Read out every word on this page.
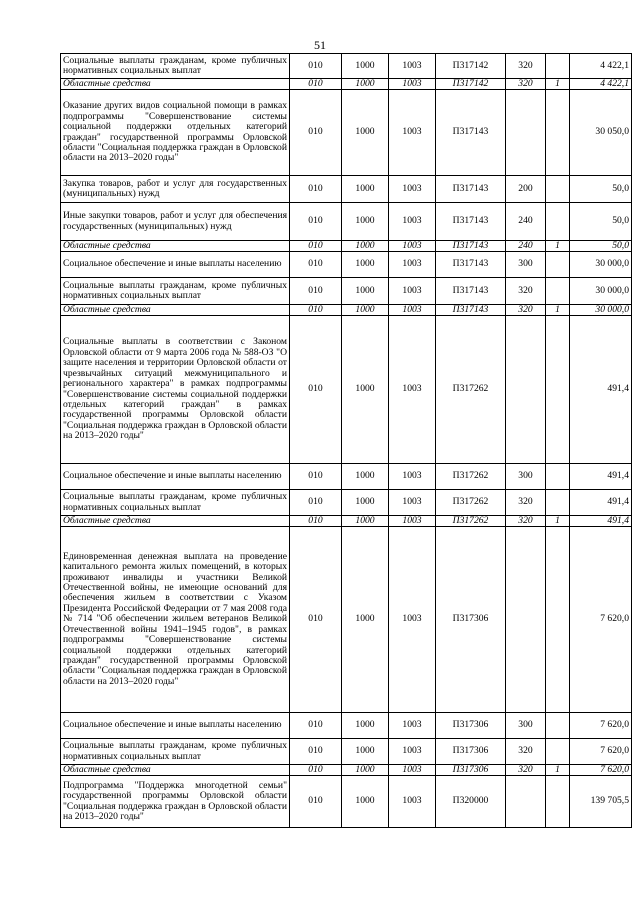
51
Социальные выплаты гражданам, кроме публичных нормативных социальных выплат	010	1000	1003	П317142	320		4 422,1
Областные средства	010	1000	1003	П317142	320	1	4 422,1
Оказание других видов социальной помощи в рамках подпрограммы "Совершенствование системы социальной поддержки отдельных категорий граждан" государственной программы Орловской области "Социальная поддержка граждан в Орловской области на 2013–2020 годы"	010	1000	1003	П317143			30 050,0
Закупка товаров, работ и услуг для государственных (муниципальных) нужд	010	1000	1003	П317143	200		50,0
Иные закупки товаров, работ и услуг для обеспечения государственных (муниципальных) нужд	010	1000	1003	П317143	240		50,0
Областные средства	010	1000	1003	П317143	240	1	50,0
Социальное обеспечение и иные выплаты населению	010	1000	1003	П317143	300		30 000,0
Социальные выплаты гражданам, кроме публичных нормативных социальных выплат	010	1000	1003	П317143	320		30 000,0
Областные средства	010	1000	1003	П317143	320	1	30 000,0
Социальные выплаты в соответствии с Законом Орловской области от 9 марта 2006 года № 588-ОЗ "О защите населения и территории Орловской области от чрезвычайных ситуаций межмуниципального и регионального характера" в рамках подпрограммы "Совершенствование системы социальной поддержки отдельных категорий граждан" в рамках государственной программы Орловской области "Социальная поддержка граждан в Орловской области на 2013–2020 годы"	010	1000	1003	П317262			491,4
Социальное обеспечение и иные выплаты населению	010	1000	1003	П317262	300		491,4
Социальные выплаты гражданам, кроме публичных нормативных социальных выплат	010	1000	1003	П317262	320		491,4
Областные средства	010	1000	1003	П317262	320	1	491,4
Единовременная денежная выплата на проведение капитального ремонта жилых помещений, в которых проживают инвалиды и участники Великой Отечественной войны, не имеющие оснований для обеспечения жильем в соответствии с Указом Президента Российской Федерации от 7 мая 2008 года № 714 "Об обеспечении жильем ветеранов Великой Отечественной войны 1941–1945 годов", в рамках подпрограммы "Совершенствование системы социальной поддержки отдельных категорий граждан" государственной программы Орловской области "Социальная поддержка граждан в Орловской области на 2013–2020 годы"	010	1000	1003	П317306			7 620,0
Социальное обеспечение и иные выплаты населению	010	1000	1003	П317306	300		7 620,0
Социальные выплаты гражданам, кроме публичных нормативных социальных выплат	010	1000	1003	П317306	320		7 620,0
Областные средства	010	1000	1003	П317306	320	1	7 620,0
Подпрограмма "Поддержка многодетной семьи" государственной программы Орловской области "Социальная поддержка граждан в Орловской области на 2013–2020 годы"	010	1000	1003	П320000			139 705,5
